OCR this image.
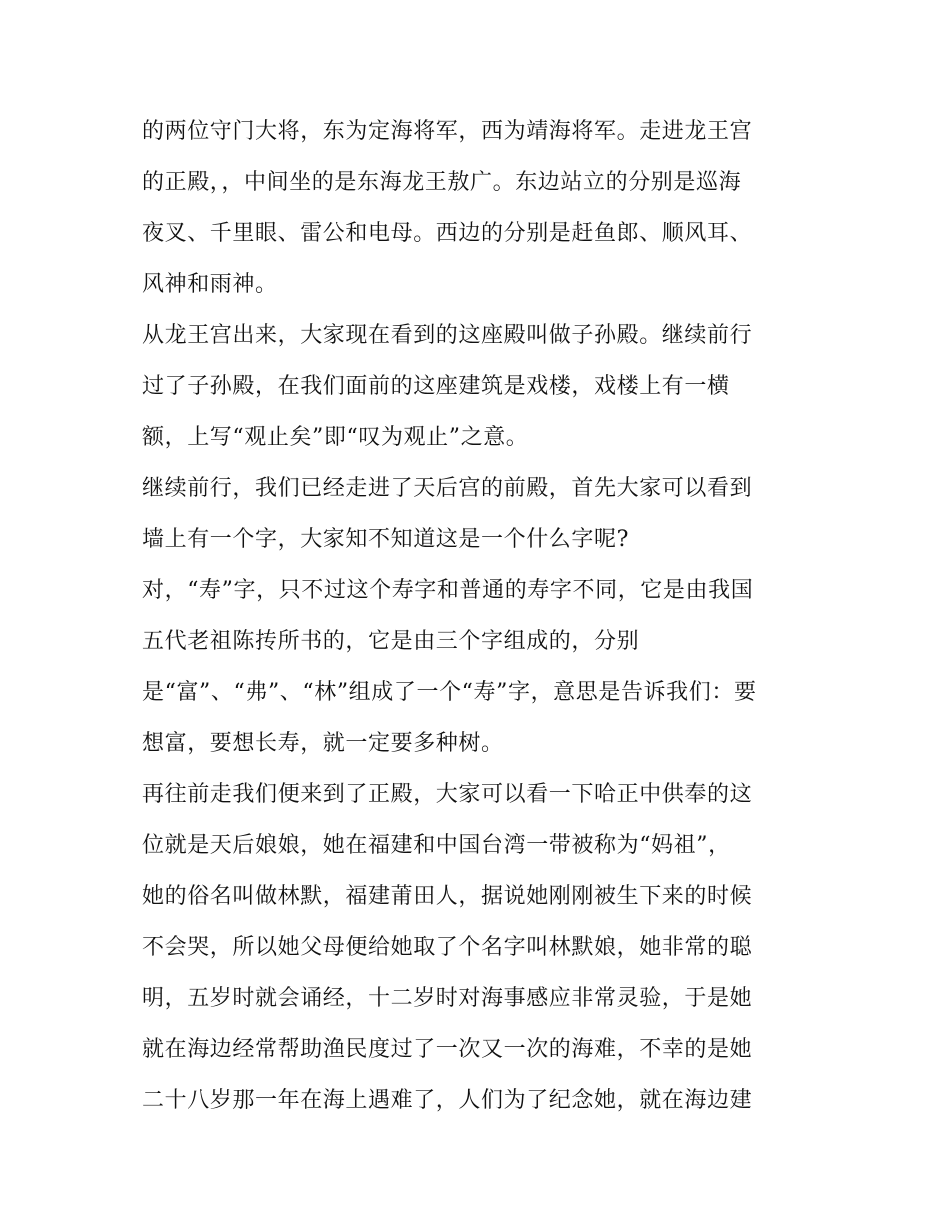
的两位守门大将，东为定海将军，西为靖海将军。走进龙王宫
的正殿，，中间坐的是东海龙王敖广。东边站立的分别是巡海
夜叉、千里眼、雷公和电母。西边的分别是赶鱼郎、顺风耳、
风神和雨神。
从龙王宫出来，大家现在看到的这座殿叫做子孙殿。继续前行
过了子孙殿，在我们面前的这座建筑是戏楼，戏楼上有一横
额，上写“观止矣”即“叹为观止”之意。
继续前行，我们已经走进了天后宫的前殿，首先大家可以看到
墙上有一个字，大家知不知道这是一个什么字呢?
对，“寿”字，只不过这个寿字和普通的寿字不同，它是由我国
五代老祖陈抟所书的，它是由三个字组成的，分别
是“富”、“弗”、“林”组成了一个“寿”字，意思是告诉我们：要
想富，要想长寿，就一定要多种树。
再往前走我们便来到了正殿，大家可以看一下哈正中供奉的这
位就是天后娘娘，她在福建和中国台湾一带被称为“妈祖”，
她的俗名叫做林默，福建莆田人，据说她刚刚被生下来的时候
不会哭，所以她父母便给她取了个名字叫林默娘，她非常的聪
明，五岁时就会诵经，十二岁时对海事感应非常灵验，于是她
就在海边经常帮助渔民度过了一次又一次的海难，不幸的是她
二十八岁那一年在海上遇难了，人们为了纪念她，就在海边建
